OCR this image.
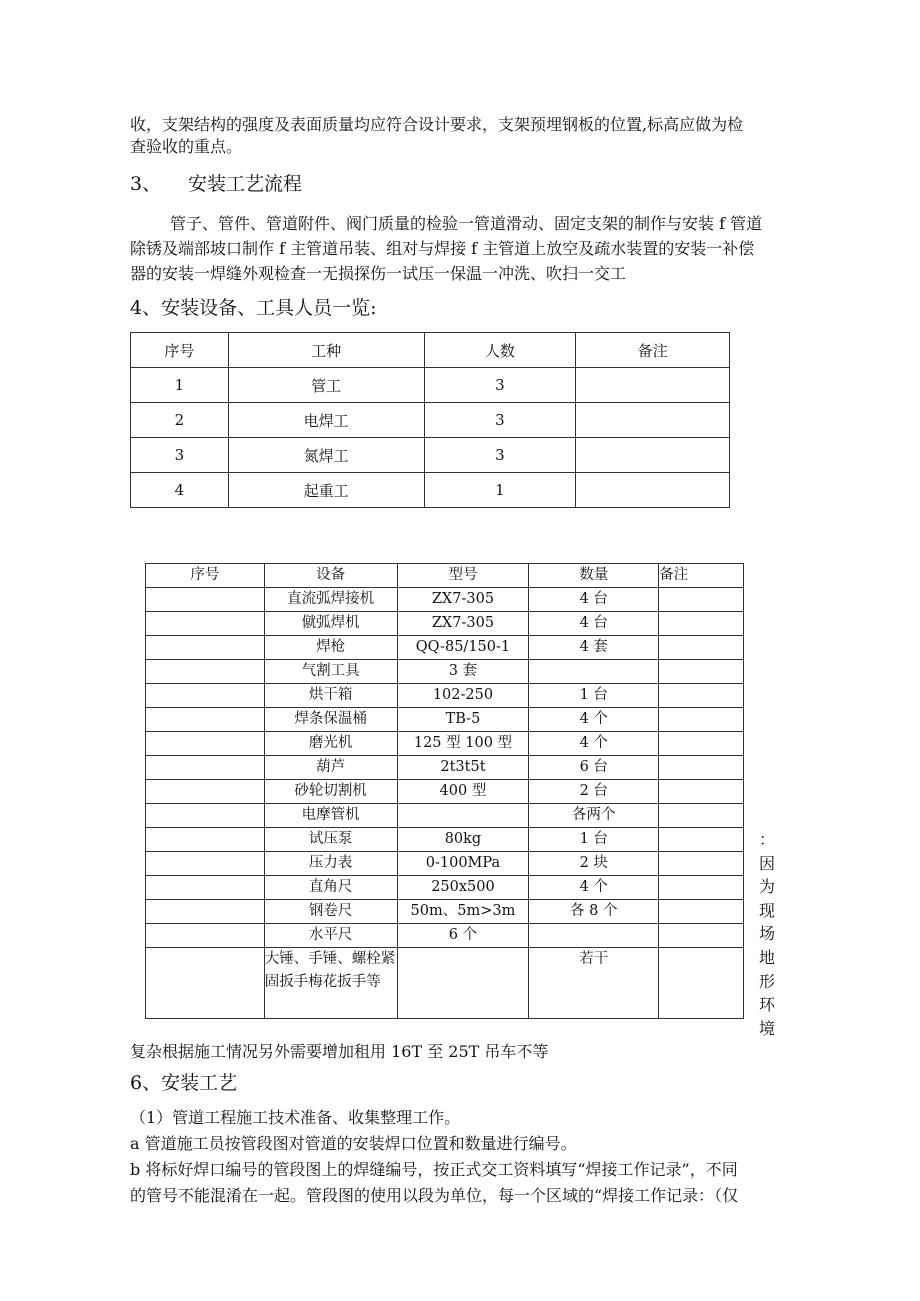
收，支架结构的强度及表面质量均应符合设计要求，支架预埋钢板的位置,标高应做为检
查验收的重点。
3、 安装工艺流程
管子、管件、管道附件、阀门质量的检验一管道滑动、固定支架的制作与安装 f 管道
除锈及端部坡口制作 f 主管道吊装、组对与焊接 f 主管道上放空及疏水装置的安装一补偿
器的安装一焊缝外观检查一无损探伤一试压一保温一冲洗、吹扫一交工
4、安装设备、工具人员一览:
序号	工种	人数	备注
1	管工	3	
2	电焊工	3	
3	氮焊工	3	
4	起重工	1	
序号	设备	型号	数量	备注
	直流弧焊接机	ZX7-305	4 台	
	僦弧焊机	ZX7-305	4 台	
	焊枪	QQ-85/150-1	4 套	
	气割工具	3 套		
	烘干箱	102-250	1 台	
	焊条保温桶	TB-5	4 个	
	磨光机	125 型 100 型	4 个	
	葫芦	2t3t5t	6 台	
	砂轮切割机	400 型	2 台	
	电摩管机		各两个	
	试压泵	80kg	1 台	
	压力表	0-100MPa	2 块	
	直角尺	250x500	4 个	
	钢卷尺	50m、5m>3m	各 8 个	
	水平尺	6 个		
	大锤、手锤、螺栓紧固扳手梅花扳手等		若干	
：因为现场地形环境
复杂根据施工情况另外需要增加租用 16T 至 25T 吊车不等
6、安装工艺
（1）管道工程施工技术准备、收集整理工作。
a 管道施工员按管段图对管道的安装焊口位置和数量进行编号。
b 将标好焊口编号的管段图上的焊缝编号，按正式交工资料填写“焊接工作记录”，不同
的管号不能混淆在一起。管段图的使用以段为单位，每一个区域的“焊接工作记录：（仅
